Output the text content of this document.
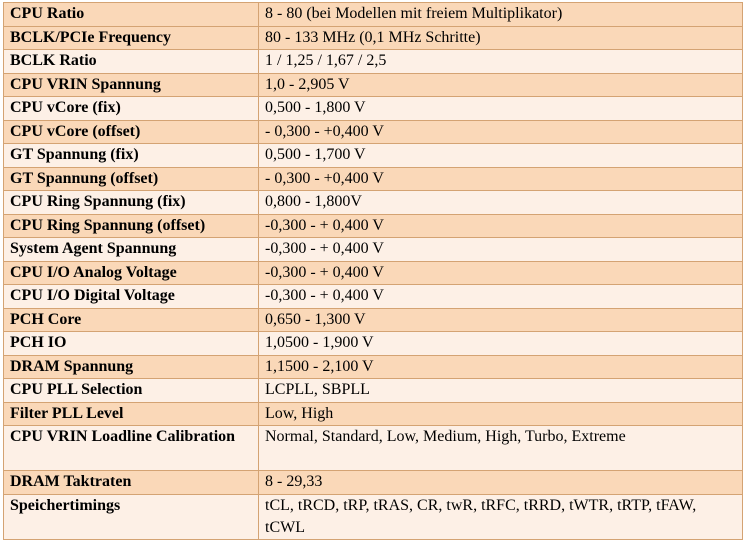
CPU Ratio	8 - 80 (bei Modellen mit freiem Multiplikator)
BCLK/PCIe Frequency	80 - 133 MHz (0,1 MHz Schritte)
BCLK Ratio	1 / 1,25 / 1,67 / 2,5
CPU VRIN Spannung	1,0 - 2,905 V
CPU vCore (fix)	0,500 - 1,800 V
CPU vCore (offset)	- 0,300 - +0,400 V
GT Spannung (fix)	0,500 - 1,700 V
GT Spannung (offset)	- 0,300 - +0,400 V
CPU Ring Spannung (fix)	0,800 - 1,800V
CPU Ring Spannung (offset)	-0,300 - + 0,400 V
System Agent Spannung	-0,300 - + 0,400 V
CPU I/O Analog Voltage	-0,300 - + 0,400 V
CPU I/O Digital Voltage	-0,300 - + 0,400 V
PCH Core	0,650 - 1,300 V
PCH IO	1,0500 - 1,900 V
DRAM Spannung	1,1500 - 2,100 V
CPU PLL Selection	LCPLL, SBPLL
Filter PLL Level	Low, High
CPU VRIN Loadline Calibration	Normal, Standard, Low, Medium, High, Turbo, Extreme
DRAM Taktraten	8 - 29,33
Speichertimings	tCL, tRCD, tRP, tRAS, CR, twR, tRFC, tRRD, tWTR, tRTP, tFAW, tCWL
